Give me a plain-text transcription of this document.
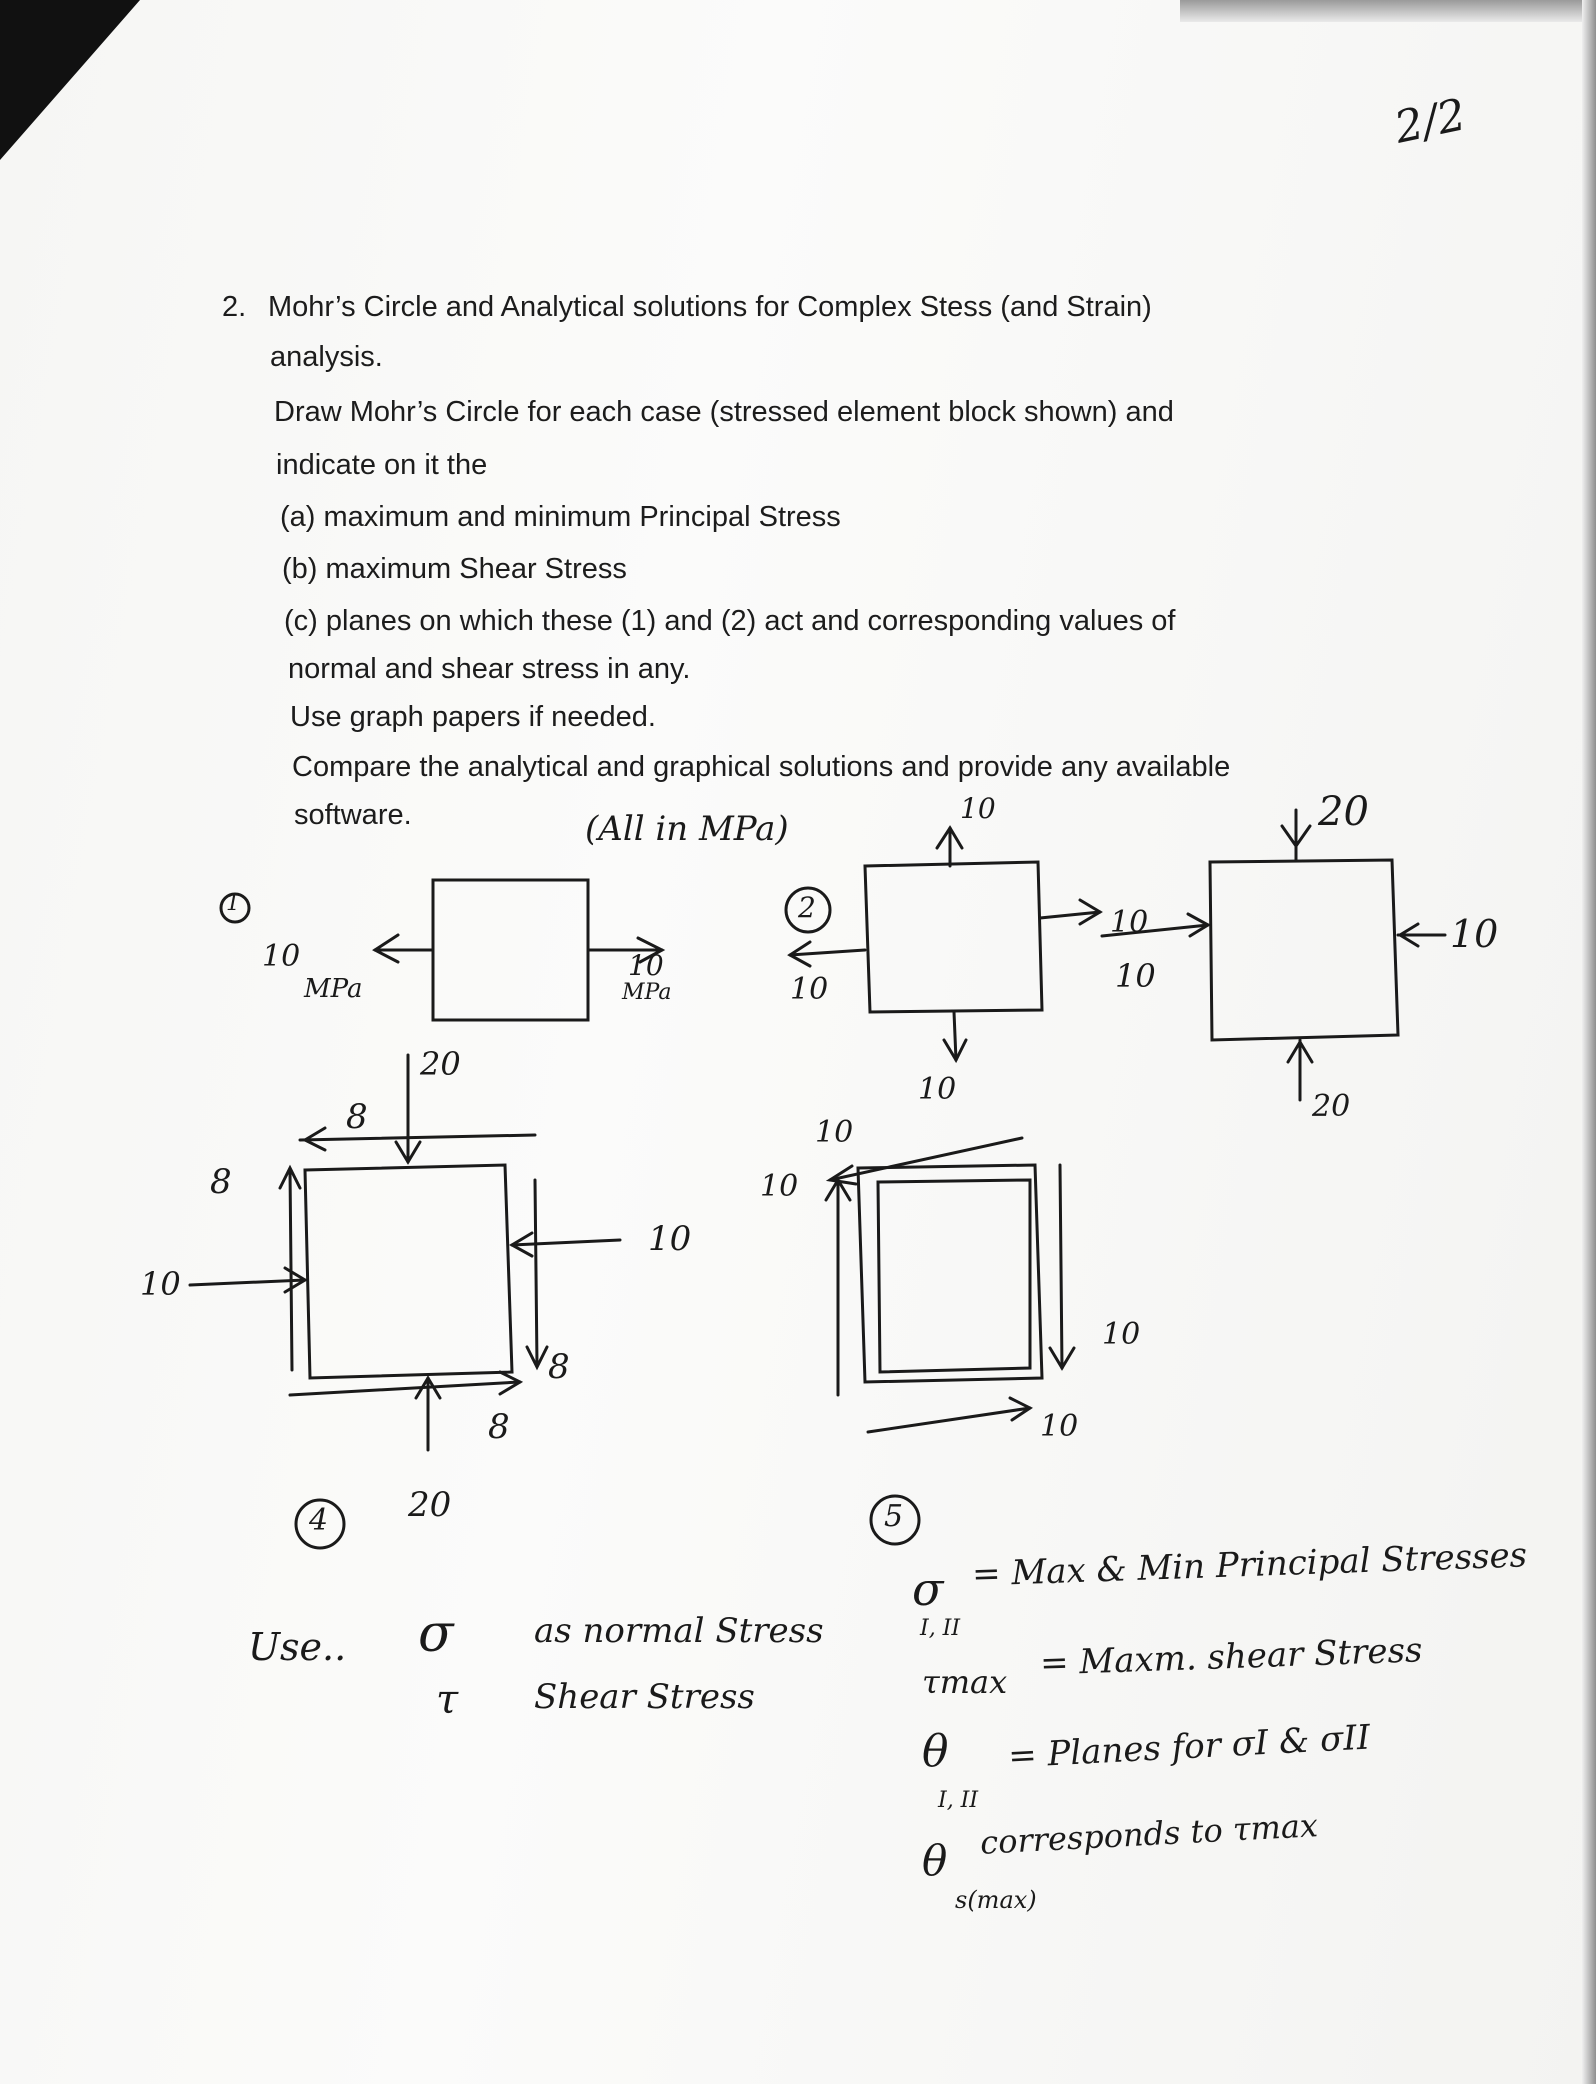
2/2
2. Mohr’s Circle and Analytical solutions for Complex Stess (and Strain)
analysis.
Draw Mohr’s Circle for each case (stressed element block shown) and
indicate on it the
(a) maximum and minimum Principal Stress
(b) maximum Shear Stress
(c) planes on which these (1) and (2) act and corresponding values of
normal and shear stress in any.
Use graph papers if needed.
Compare the analytical and graphical solutions and provide any available
software.	(All in MPa)
1
10
MPa
10
MPa
2
10
10
10
10
20
10
10
20
20
8
8
10
10
8
8
20
4
10
10
10
10
5
Use.. σ as normal Stress
τ Shear Stress
σ
I, II
= Max & Min Principal Stresses
τmax = Maxm. shear Stress
θ
I, II
= Planes for σI & σII
θ
s(max)
corresponds to τmax
